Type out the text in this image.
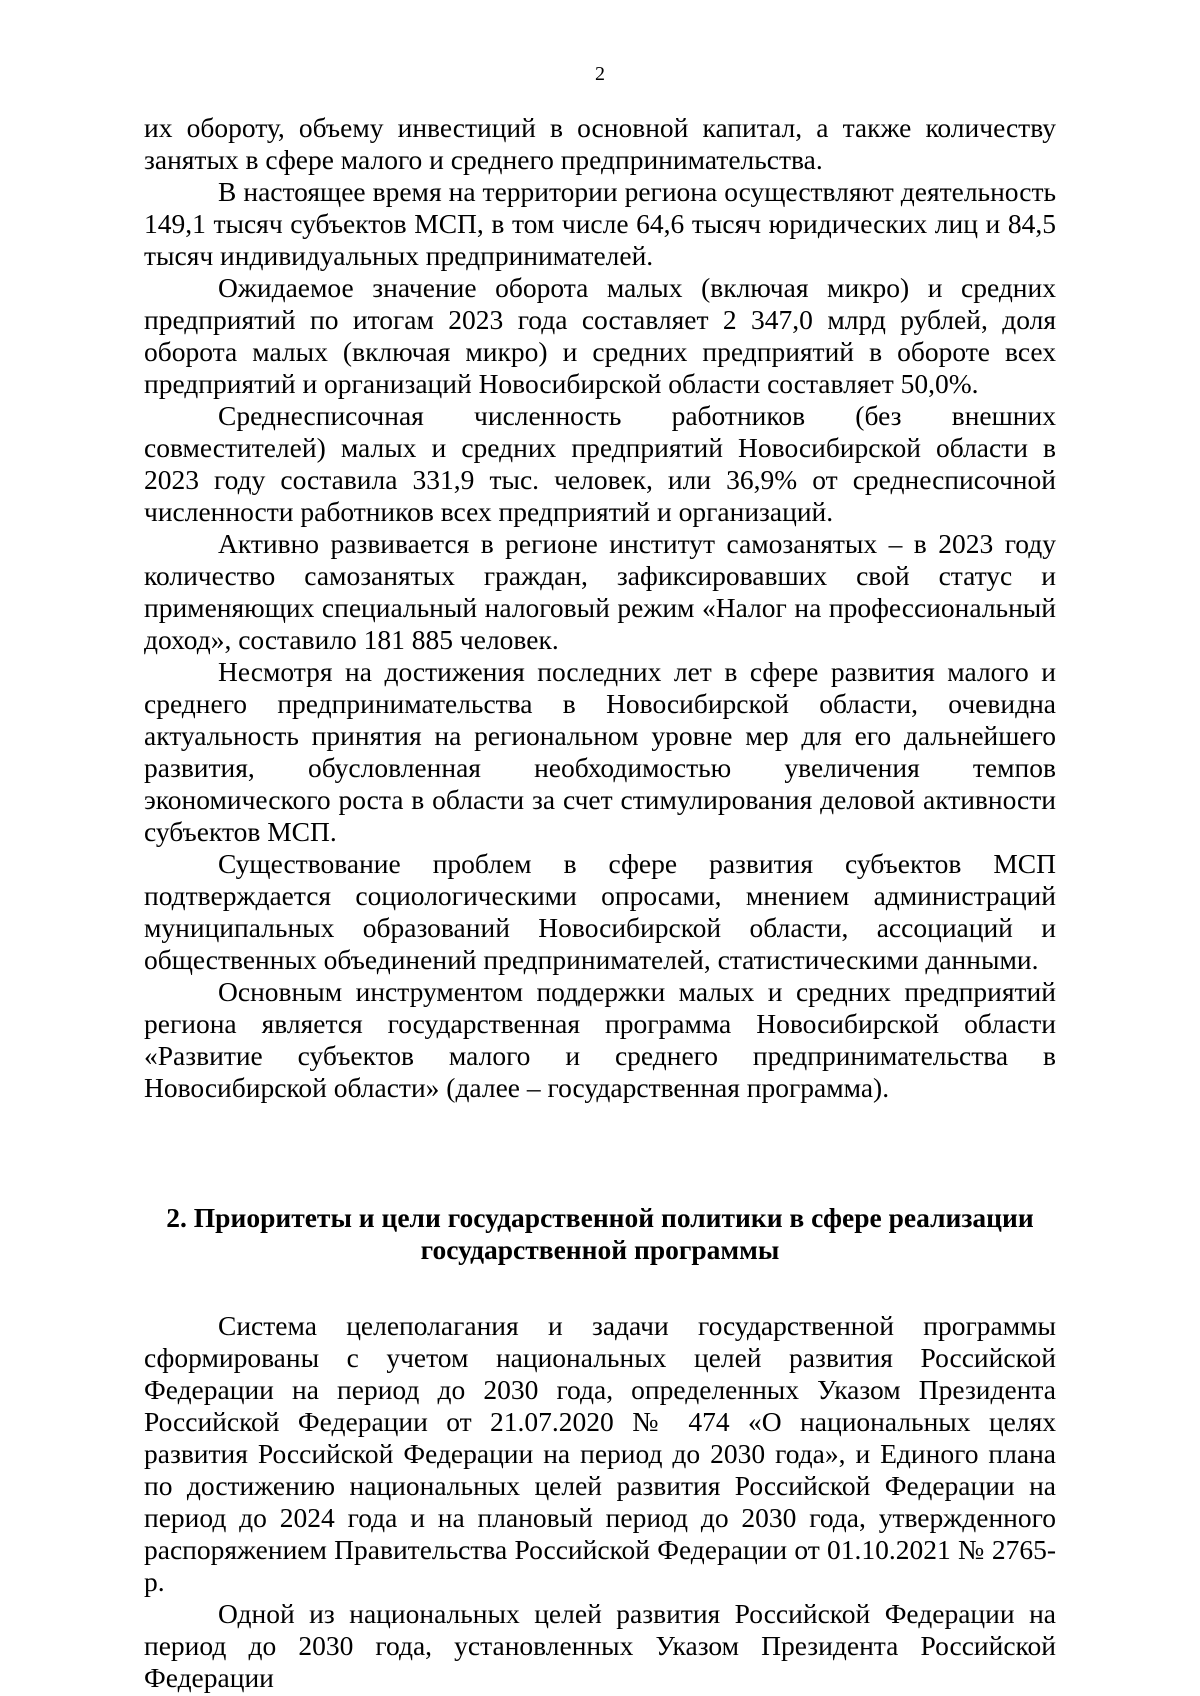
2

их обороту, объему инвестиций в основной капитал, а также количеству занятых в сфере малого и среднего предпринимательства.

В настоящее время на территории региона осуществляют деятельность 149,1 тысяч субъектов МСП, в том числе 64,6 тысяч юридических лиц и 84,5 тысяч индивидуальных предпринимателей.

Ожидаемое значение оборота малых (включая микро) и средних предприятий по итогам 2023 года составляет 2 347,0 млрд рублей, доля оборота малых (включая микро) и средних предприятий в обороте всех предприятий и организаций Новосибирской области составляет 50,0%.

Среднесписочная численность работников (без внешних совместителей) малых и средних предприятий Новосибирской области в 2023 году составила 331,9 тыс. человек, или 36,9% от среднесписочной численности работников всех предприятий и организаций.

Активно развивается в регионе институт самозанятых – в 2023 году количество самозанятых граждан, зафиксировавших свой статус и применяющих специальный налоговый режим «Налог на профессиональный доход», составило 181 885 человек.

Несмотря на достижения последних лет в сфере развития малого и среднего предпринимательства в Новосибирской области, очевидна актуальность принятия на региональном уровне мер для его дальнейшего развития, обусловленная необходимостью увеличения темпов экономического роста в области за счет стимулирования деловой активности субъектов МСП.

Существование проблем в сфере развития субъектов МСП подтверждается социологическими опросами, мнением администраций муниципальных образований Новосибирской области, ассоциаций и общественных объединений предпринимателей, статистическими данными.

Основным инструментом поддержки малых и средних предприятий региона является государственная программа Новосибирской области «Развитие субъектов малого и среднего предпринимательства в Новосибирской области» (далее – государственная программа).

2. Приоритеты и цели государственной политики в сфере реализации
государственной программы

Система целеполагания и задачи государственной программы сформированы с учетом национальных целей развития Российской Федерации на период до 2030 года, определенных Указом Президента Российской Федерации от 21.07.2020 № 474 «О национальных целях развития Российской Федерации на период до 2030 года», и Единого плана по достижению национальных целей развития Российской Федерации на период до 2024 года и на плановый период до 2030 года, утвержденного распоряжением Правительства Российской Федерации от 01.10.2021 № 2765-р.

Одной из национальных целей развития Российской Федерации на период до 2030 года, установленных Указом Президента Российской Федерации
